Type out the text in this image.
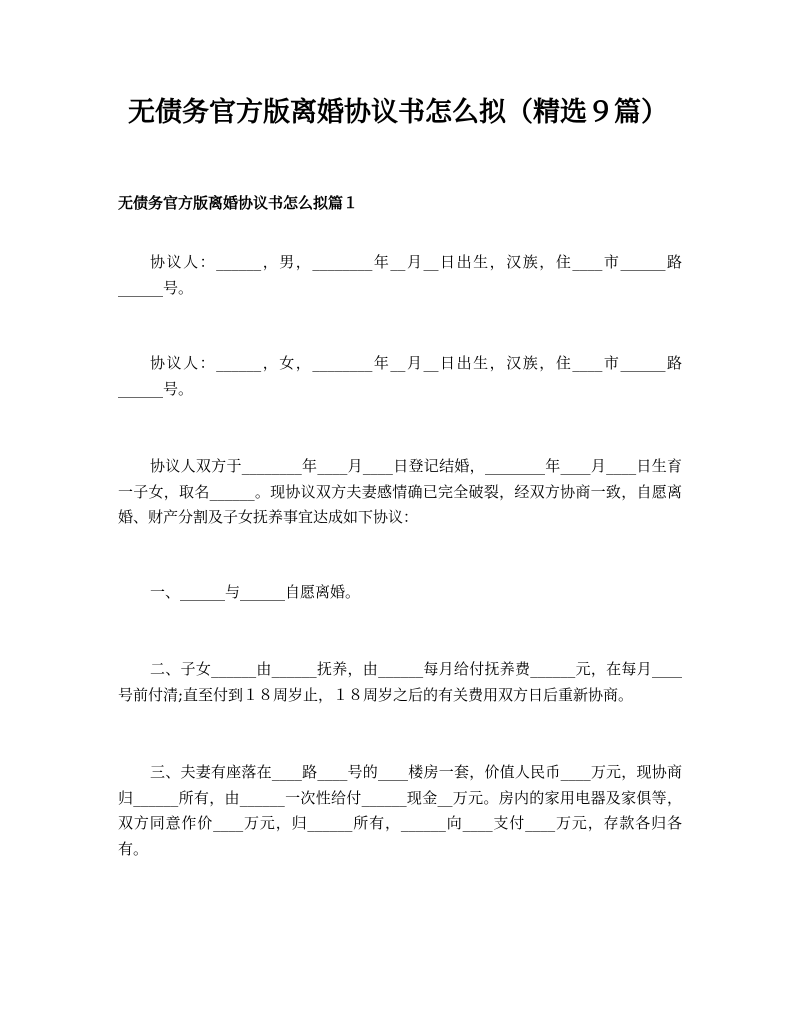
无债务官方版离婚协议书怎么拟（精选９篇）
无债务官方版离婚协议书怎么拟篇１
协议人：______，男，________年__月__日出生，汉族，住____市______路______号。
协议人：______，女，________年__月__日出生，汉族，住____市______路______号。
协议人双方于________年____月____日登记结婚，________年____月____日生育一子女，取名______。现协议双方夫妻感情确已完全破裂，经双方协商一致，自愿离婚、财产分割及子女抚养事宜达成如下协议：
一、______与______自愿离婚。
二、子女______由______抚养，由______每月给付抚养费______元，在每月____号前付清;直至付到１８周岁止，１８周岁之后的有关费用双方日后重新协商。
三、夫妻有座落在____路____号的____楼房一套，价值人民币____万元，现协商归______所有，由______一次性给付______现金__万元。房内的家用电器及家俱等，双方同意作价____万元，归______所有，______向____支付____万元，存款各归各有。
